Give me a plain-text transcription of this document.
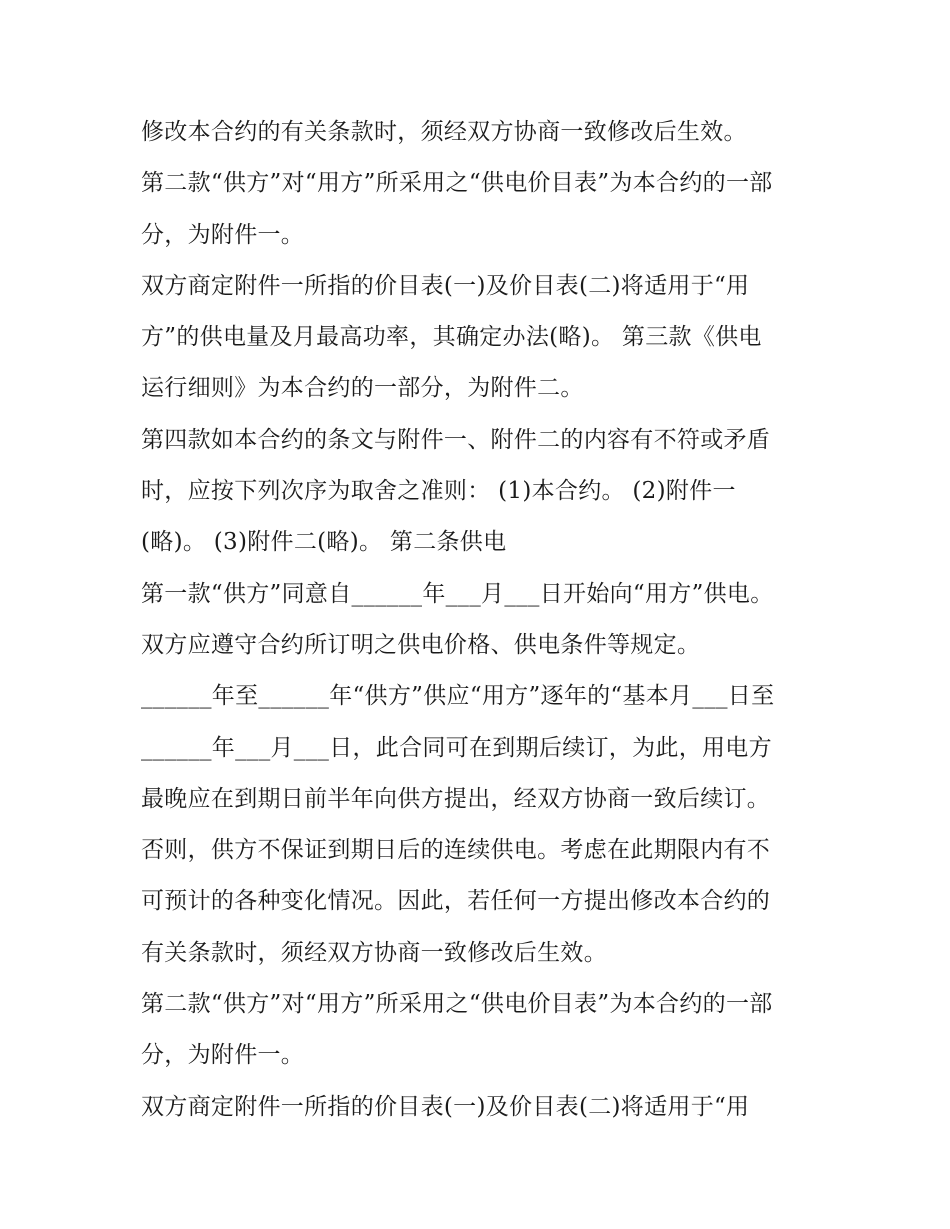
修改本合约的有关条款时，须经双方协商一致修改后生效。
第二款“供方”对“用方”所采用之“供电价目表”为本合约的一部
分，为附件一。
双方商定附件一所指的价目表(一)及价目表(二)将适用于“用
方”的供电量及月最高功率，其确定办法(略)。 第三款《供电
运行细则》为本合约的一部分，为附件二。
第四款如本合约的条文与附件一、附件二的内容有不符或矛盾
时，应按下列次序为取舍之准则： (1)本合约。 (2)附件一
(略)。 (3)附件二(略)。 第二条供电
第一款“供方”同意自______年___月___日开始向“用方”供电。
双方应遵守合约所订明之供电价格、供电条件等规定。
______年至______年“供方”供应“用方”逐年的“基本月___日至
______年___月___日，此合同可在到期后续订，为此，用电方
最晚应在到期日前半年向供方提出，经双方协商一致后续订。
否则，供方不保证到期日后的连续供电。考虑在此期限内有不
可预计的各种变化情况。因此，若任何一方提出修改本合约的
有关条款时，须经双方协商一致修改后生效。
第二款“供方”对“用方”所采用之“供电价目表”为本合约的一部
分，为附件一。
双方商定附件一所指的价目表(一)及价目表(二)将适用于“用
